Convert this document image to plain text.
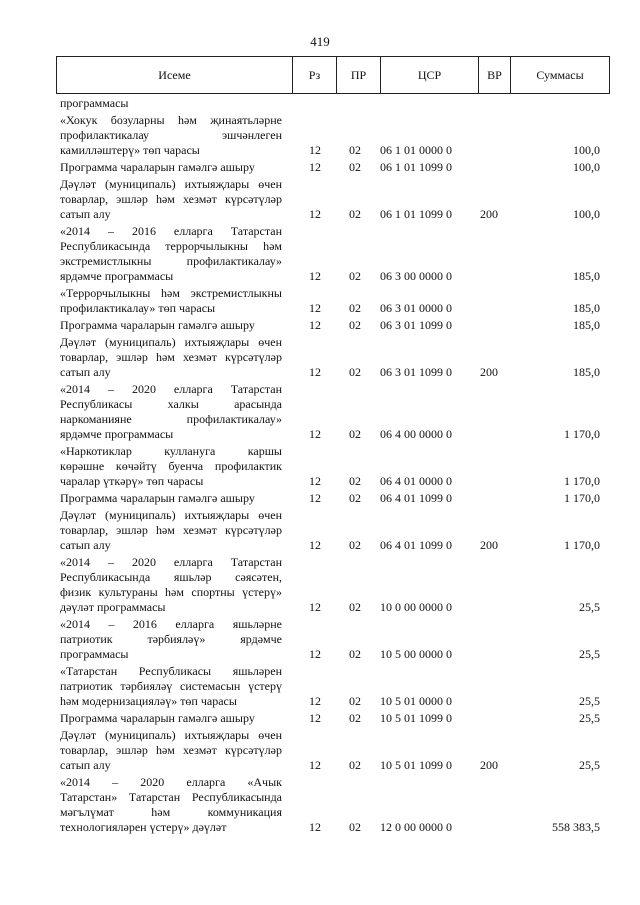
419
Исеме	Рз	ПР	ЦСР	ВР	Суммасы
программасы
«Хокук бозуларны һәм җинаятьләрне
профилактикалау эшчәнлеген
камилләштерү» төп чарасы	12	02	06 1 01 0000 0	100,0
Программа чараларын гамәлгә ашыру	12	02	06 1 01 1099 0	100,0
Дәүләт (муниципаль) ихтыяҗлары өчен
товарлар, эшләр һәм хезмәт күрсәтүләр
сатып алу	12	02	06 1 01 1099 0	200	100,0
«2014 – 2016 елларга Татарстан
Республикасында террорчылыкны һәм
экстремистлыкны профилактикалау»
ярдәмче программасы	12	02	06 3 00 0000 0	185,0
«Террорчылыкны һәм экстремистлыкны
профилактикалау» төп чарасы	12	02	06 3 01 0000 0	185,0
Программа чараларын гамәлгә ашыру	12	02	06 3 01 1099 0	185,0
Дәүләт (муниципаль) ихтыяҗлары өчен
товарлар, эшләр һәм хезмәт күрсәтүләр
сатып алу	12	02	06 3 01 1099 0	200	185,0
«2014 – 2020 елларга Татарстан
Республикасы халкы арасында
наркоманияне профилактикалау»
ярдәмче программасы	12	02	06 4 00 0000 0	1 170,0
«Наркотиклар куллануга каршы
көрәшне көчәйтү буенча профилактик
чаралар үткәрү» төп чарасы	12	02	06 4 01 0000 0	1 170,0
Программа чараларын гамәлгә ашыру	12	02	06 4 01 1099 0	1 170,0
Дәүләт (муниципаль) ихтыяҗлары өчен
товарлар, эшләр һәм хезмәт күрсәтүләр
сатып алу	12	02	06 4 01 1099 0	200	1 170,0
«2014 – 2020 елларга Татарстан
Республикасында яшьләр сәясәтен,
физик культураны һәм спортны үстерү»
дәүләт программасы	12	02	10 0 00 0000 0	25,5
«2014 – 2016 елларга яшьләрне
патриотик тәрбияләү» ярдәмче
программасы	12	02	10 5 00 0000 0	25,5
«Татарстан Республикасы яшьләрен
патриотик тәрбияләү системасын үстерү
һәм модернизацияләү» төп чарасы	12	02	10 5 01 0000 0	25,5
Программа чараларын гамәлгә ашыру	12	02	10 5 01 1099 0	25,5
Дәүләт (муниципаль) ихтыяҗлары өчен
товарлар, эшләр һәм хезмәт күрсәтүләр
сатып алу	12	02	10 5 01 1099 0	200	25,5
«2014 – 2020 елларга «Ачык
Татарстан» Татарстан Республикасында
мәгълүмат һәм коммуникация
технологияләрен үстерү» дәүләт	12	02	12 0 00 0000 0	558 383,5
